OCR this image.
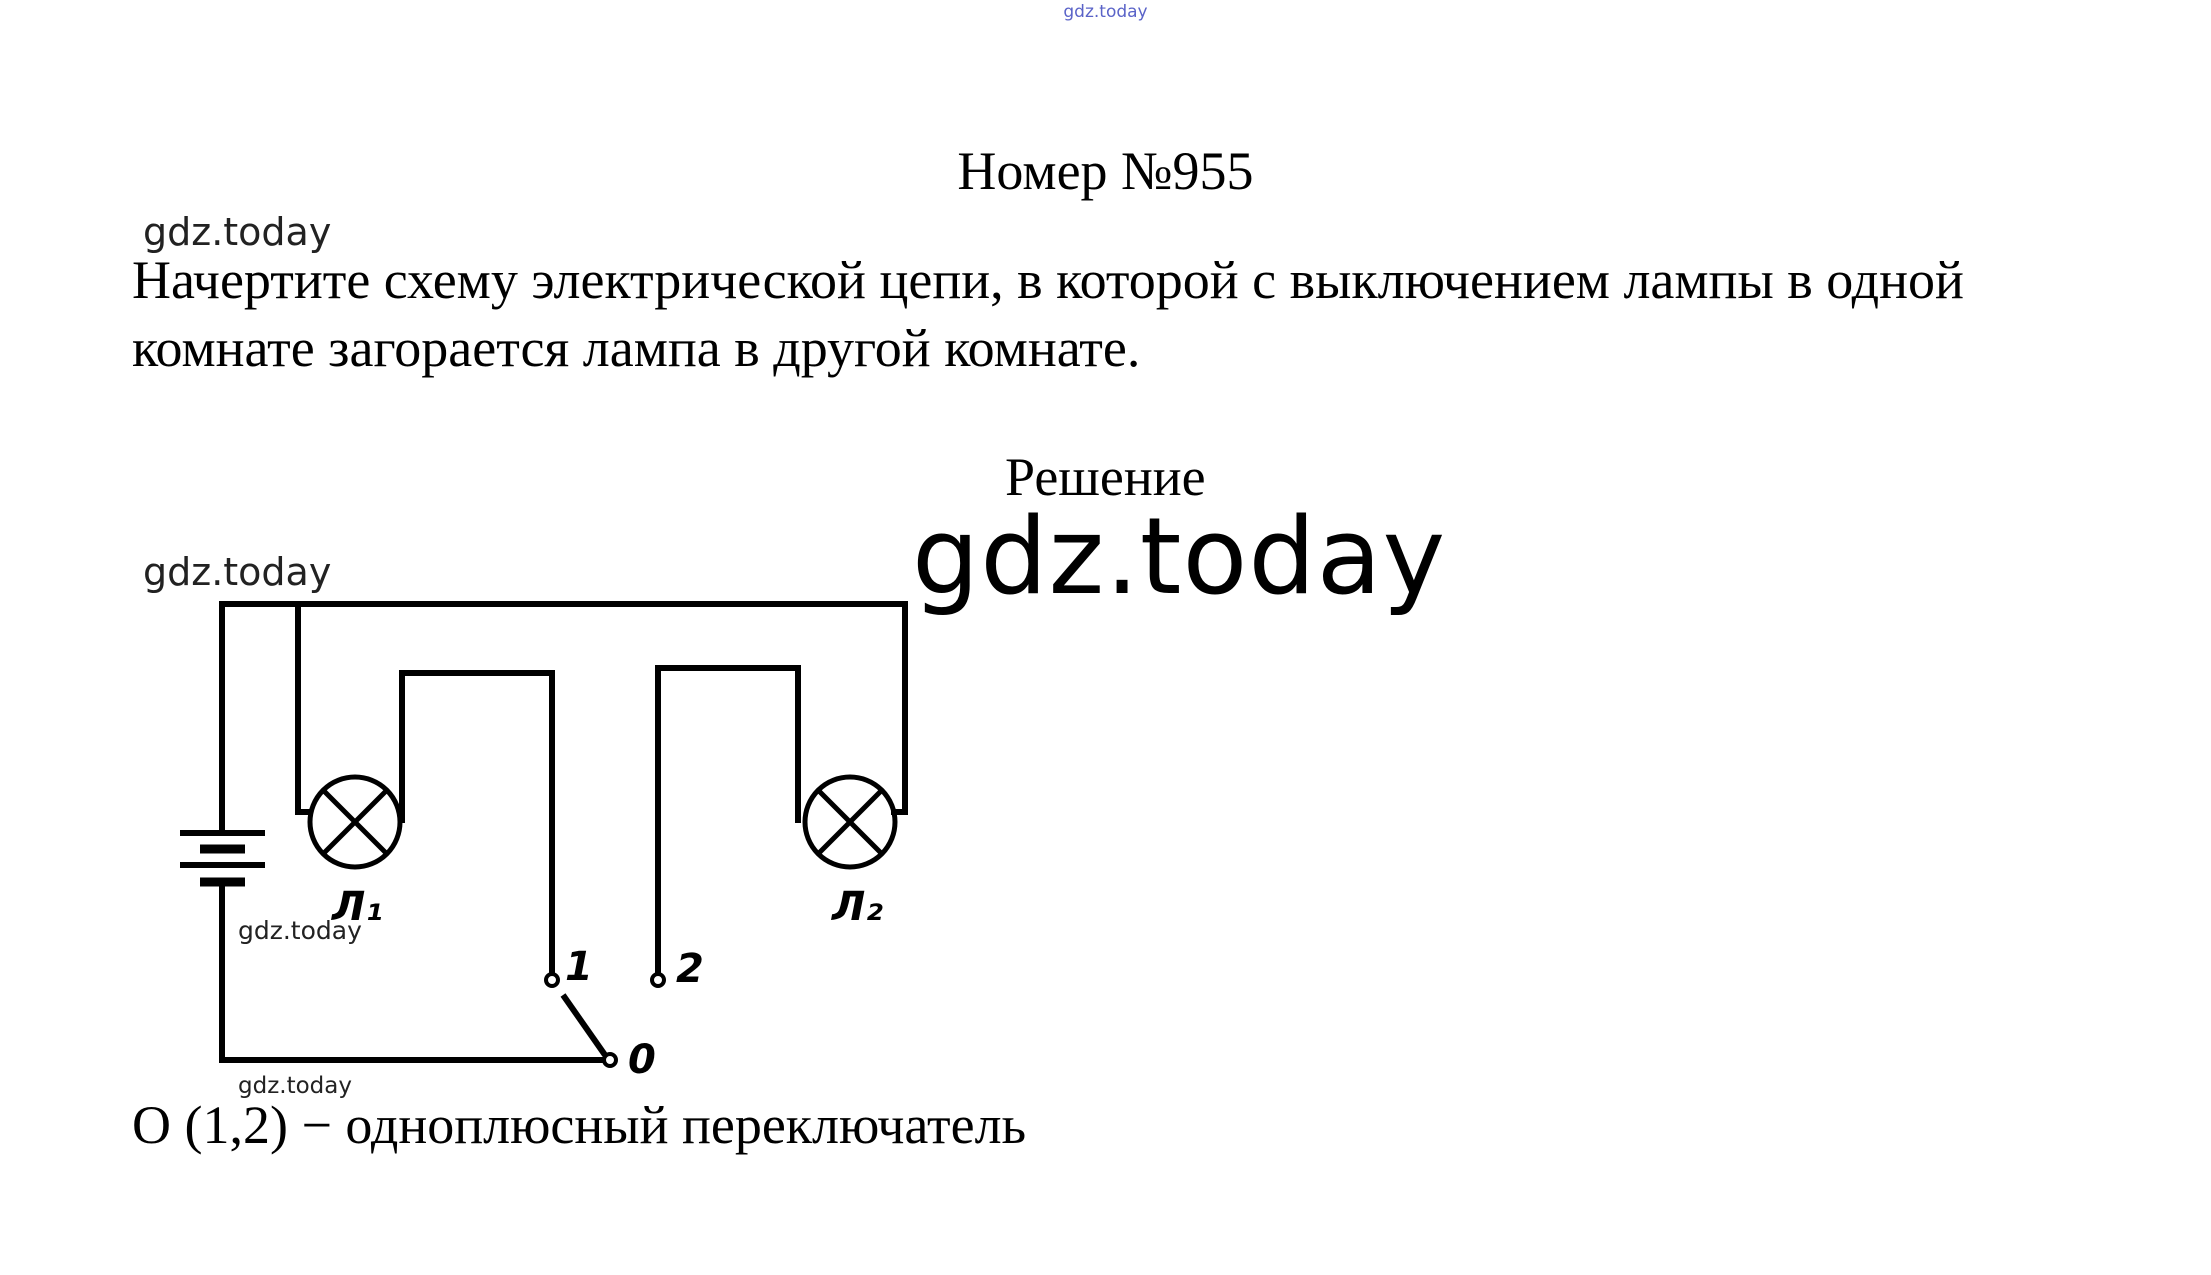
gdz.today
Номер №955
gdz.today
Начертите схему электрической цепи, в которой с выключением лампы в одной комнате загорается лампа в другой комнате.
Решение
gdz.today
Л₁	Л₂
1 2
0
gdz.today
gdz.today
gdz.today
O (1,2) − одноплюсный переключатель
